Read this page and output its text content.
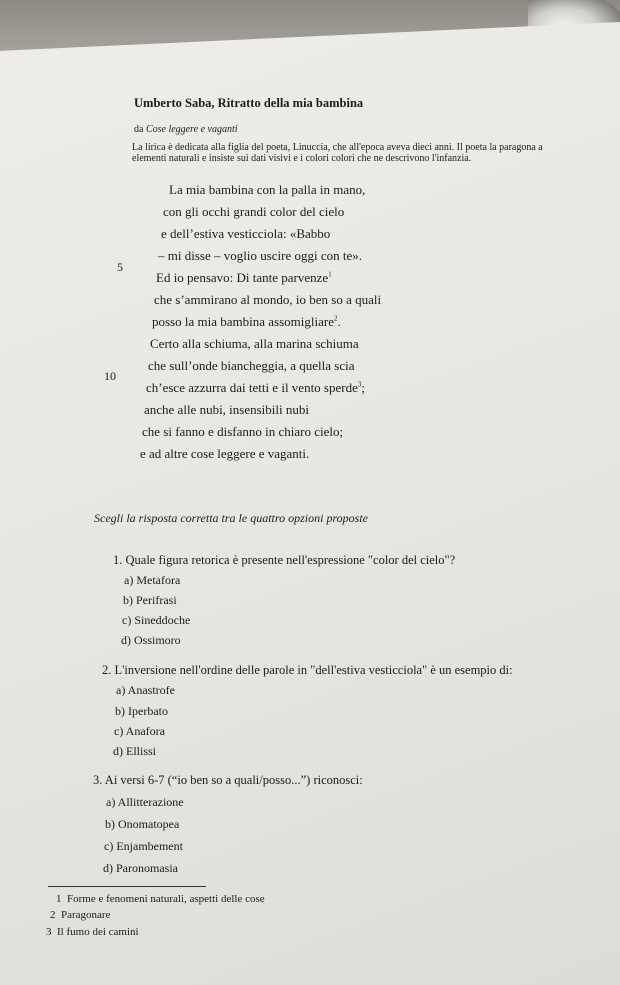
Umberto Saba, Ritratto della mia bambina
da Cose leggere e vaganti
La lirica è dedicata alla figlia del poeta, Linuccia, che all'epoca aveva dieci anni. Il poeta la paragona a
elementi naturali e insiste sui dati visivi e i colori colori che ne descrivono l'infanzia.
La mia bambina con la palla in mano,
con gli occhi grandi color del cielo
e dell’estiva vesticciola: «Babbo
– mi disse – voglio uscire oggi con te».
5
Ed io pensavo: Di tante parvenze$^1$
che s’ammirano al mondo, io ben so a quali
posso la mia bambina assomigliare$^2$.
Certo alla schiuma, alla marina schiuma
che sull’onde biancheggia, a quella scia
10
ch’esce azzurra dai tetti e il vento sperde$^3$;
anche alle nubi, insensibili nubi
che si fanno e disfanno in chiaro cielo;
e ad altre cose leggere e vaganti.
Scegli la risposta corretta tra le quattro opzioni proposte
1. Quale figura retorica è presente nell'espressione "color del cielo"?
a) Metafora
b) Perifrasi
c) Sineddoche
d) Ossimoro
2. L'inversione nell'ordine delle parole in "dell'estiva vesticciola" è un esempio di:
a) Anastrofe
b) Iperbato
c) Anafora
d) Ellissi
3. Ai versi 6-7 (“io ben so a quali/posso...”) riconosci:
a) Allitterazione
b) Onomatopea
c) Enjambement
d) Paronomasia
1 Forme e fenomeni naturali, aspetti delle cose
2 Paragonare
3 Il fumo dei camini
